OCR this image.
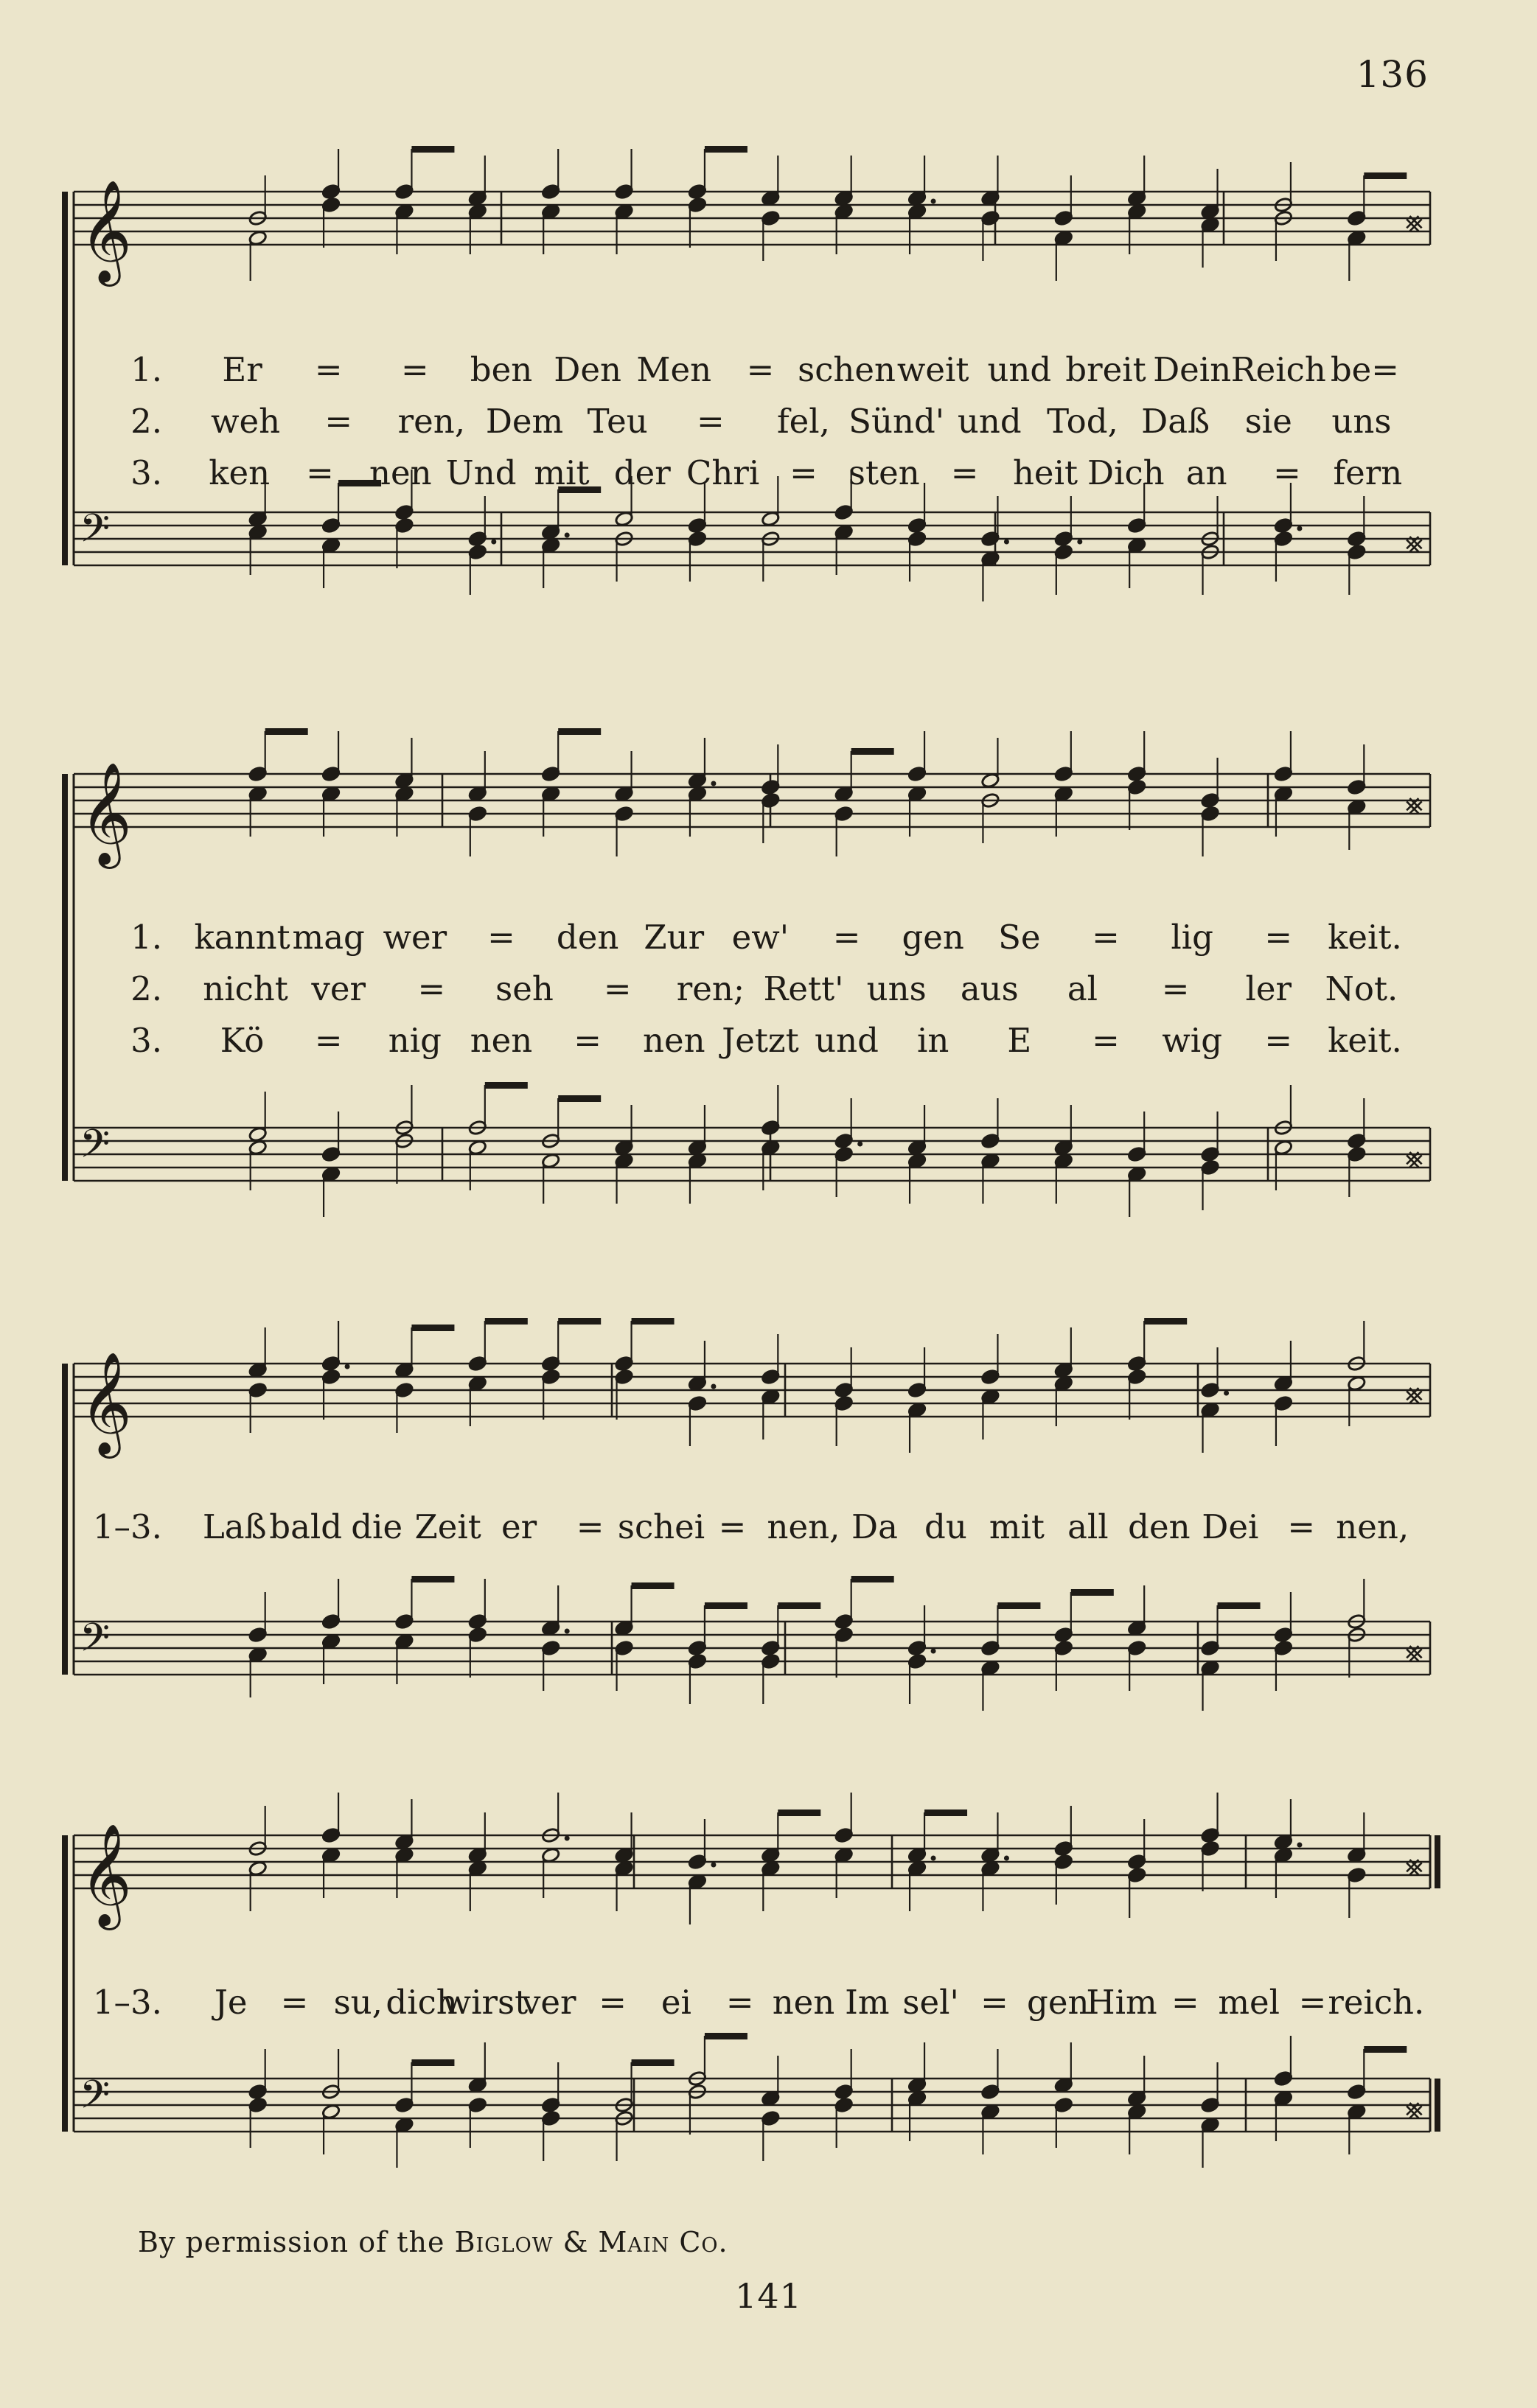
136
𝄞
𝄢
⨳
⨳
1. Er = = ben Den Men = schen weit und breit Dein Reich be=
2. weh = ren, Dem Teu = fel, Sünd' und Tod, Daß sie uns
3. ken = nen Und mit der Chri = sten = heit Dich an = fern
𝄞
𝄢
⨳
⨳
1. kannt mag wer = den Zur ew' = gen Se = lig = keit.
2. nicht ver = seh = ren; Rett' uns aus al = ler Not.
3. Kö = nig nen = nen Jetzt und in E = wig = keit.
𝄞
𝄢
⨳
⨳
1–3. Laß bald die Zeit er = schei = nen, Da du mit all den Dei = nen,
𝄞
𝄢
⨳
⨳
1–3. Je = su, dich
wirst
ver = ei = nen Im sel' = gen
Him = mel = reich.
By permission of the Biglow & Main Co.
141
